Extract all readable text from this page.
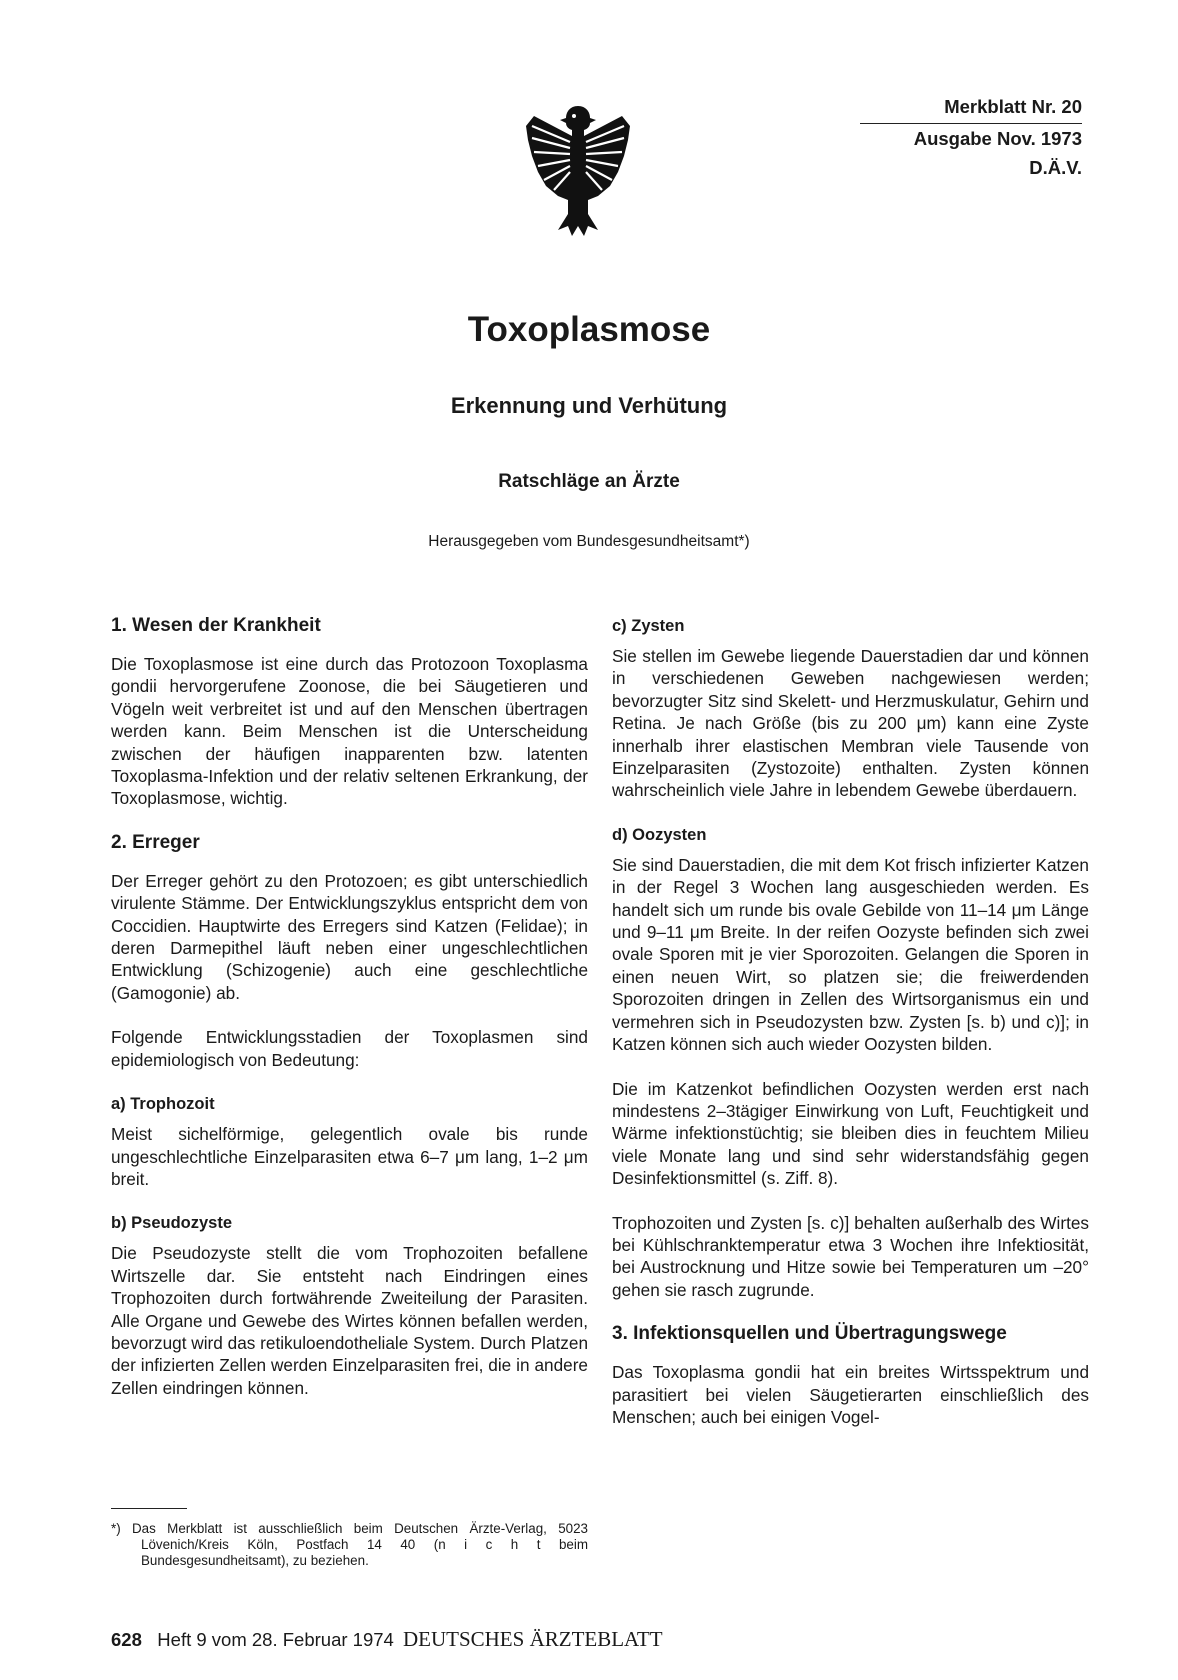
Merkblatt Nr. 20
Ausgabe Nov. 1973
D.Ä.V.
Toxoplasmose
Erkennung und Verhütung
Ratschläge an Ärzte
Herausgegeben vom Bundesgesundheitsamt*)
1. Wesen der Krankheit

Die Toxoplasmose ist eine durch das Protozoon Toxoplasma gondii hervorgerufene Zoonose, die bei Säugetieren und Vögeln weit verbreitet ist und auf den Menschen übertragen werden kann. Beim Menschen ist die Unterscheidung zwischen der häufigen inapparenten bzw. latenten Toxoplasma-Infektion und der relativ seltenen Erkrankung, der Toxoplasmose, wichtig.

2. Erreger

Der Erreger gehört zu den Protozoen; es gibt unterschiedlich virulente Stämme. Der Entwicklungszyklus entspricht dem von Coccidien. Hauptwirte des Erregers sind Katzen (Felidae); in deren Darmepithel läuft neben einer ungeschlechtlichen Entwicklung (Schizogenie) auch eine geschlechtliche (Gamogonie) ab.

Folgende Entwicklungsstadien der Toxoplasmen sind epidemiologisch von Bedeutung:

a) Trophozoit

Meist sichelförmige, gelegentlich ovale bis runde ungeschlechtliche Einzelparasiten etwa 6–7 μm lang, 1–2 μm breit.

b) Pseudozyste

Die Pseudozyste stellt die vom Trophozoiten befallene Wirtszelle dar. Sie entsteht nach Eindringen eines Trophozoiten durch fortwährende Zweiteilung der Parasiten. Alle Organe und Gewebe des Wirtes können befallen werden, bevorzugt wird das retikuloendotheliale System. Durch Platzen der infizierten Zellen werden Einzelparasiten frei, die in andere Zellen eindringen können.

c) Zysten

Sie stellen im Gewebe liegende Dauerstadien dar und können in verschiedenen Geweben nachgewiesen werden; bevorzugter Sitz sind Skelett- und Herzmuskulatur, Gehirn und Retina. Je nach Größe (bis zu 200 μm) kann eine Zyste innerhalb ihrer elastischen Membran viele Tausende von Einzelparasiten (Zystozoite) enthalten. Zysten können wahrscheinlich viele Jahre in lebendem Gewebe überdauern.

d) Oozysten

Sie sind Dauerstadien, die mit dem Kot frisch infizierter Katzen in der Regel 3 Wochen lang ausgeschieden werden. Es handelt sich um runde bis ovale Gebilde von 11–14 μm Länge und 9–11 μm Breite. In der reifen Oozyste befinden sich zwei ovale Sporen mit je vier Sporozoiten. Gelangen die Sporen in einen neuen Wirt, so platzen sie; die freiwerdenden Sporozoiten dringen in Zellen des Wirtsorganismus ein und vermehren sich in Pseudozysten bzw. Zysten [s. b) und c)]; in Katzen können sich auch wieder Oozysten bilden.

Die im Katzenkot befindlichen Oozysten werden erst nach mindestens 2–3tägiger Einwirkung von Luft, Feuchtigkeit und Wärme infektionstüchtig; sie bleiben dies in feuchtem Milieu viele Monate lang und sind sehr widerstandsfähig gegen Desinfektionsmittel (s. Ziff. 8).

Trophozoiten und Zysten [s. c)] behalten außerhalb des Wirtes bei Kühlschranktemperatur etwa 3 Wochen ihre Infektiosität, bei Austrocknung und Hitze sowie bei Temperaturen um –20° gehen sie rasch zugrunde.

3. Infektionsquellen und Übertragungswege

Das Toxoplasma gondii hat ein breites Wirtsspektrum und parasitiert bei vielen Säugetierarten einschließlich des Menschen; auch bei einigen Vogel-

*) Das Merkblatt ist ausschließlich beim Deutschen Ärzte-Verlag, 5023 Lövenich/Kreis Köln, Postfach 14 40 (n i c h t beim Bundesgesundheitsamt), zu beziehen.
628 Heft 9 vom 28. Februar 1974 DEUTSCHES ÄRZTEBLATT
